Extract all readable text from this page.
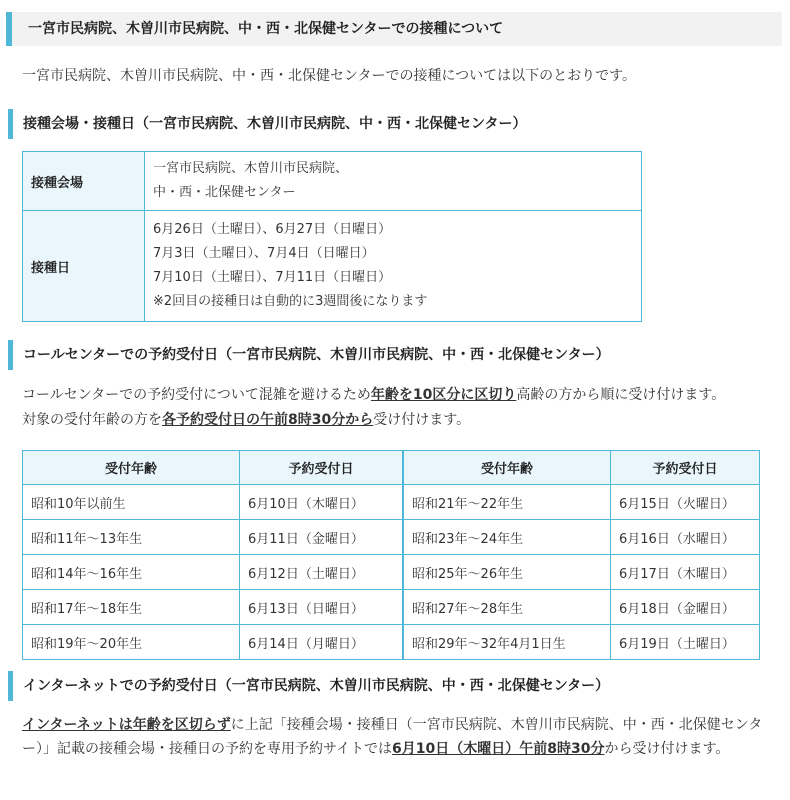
一宮市民病院、木曽川市民病院、中・西・北保健センターでの接種について
一宮市民病院、木曽川市民病院、中・西・北保健センターでの接種については以下のとおりです。
接種会場・接種日（一宮市民病院、木曽川市民病院、中・西・北保健センター）
接種会場	一宮市民病院、木曽川市民病院、
中・西・北保健センター

接種日	6月26日（土曜日）、6月27日（日曜日）
7月3日（土曜日）、7月4日（日曜日）
7月10日（土曜日）、7月11日（日曜日）
※2回目の接種日は自動的に3週間後になります
コールセンターでの予約受付日（一宮市民病院、木曽川市民病院、中・西・北保健センター）
コールセンターでの予約受付について混雑を避けるため年齢を10区分に区切り高齢の方から順に受け付けます。
対象の受付年齢の方を各予約受付日の午前8時30分から受け付けます。
受付年齢	予約受付日	受付年齢	予約受付日
昭和10年以前生	6月10日（木曜日）	昭和21年～22年生	6月15日（火曜日）
昭和11年～13年生	6月11日（金曜日）	昭和23年～24年生	6月16日（水曜日）
昭和14年～16年生	6月12日（土曜日）	昭和25年～26年生	6月17日（木曜日）
昭和17年～18年生	6月13日（日曜日）	昭和27年～28年生	6月18日（金曜日）
昭和19年～20年生	6月14日（月曜日）	昭和29年～32年4月1日生	6月19日（土曜日）
インターネットでの予約受付日（一宮市民病院、木曽川市民病院、中・西・北保健センター）
インターネットは年齢を区切らずに上記「接種会場・接種日（一宮市民病院、木曽川市民病院、中・西・北保健センター）」記載の接種会場・接種日の予約を専用予約サイトでは6月10日（木曜日）午前8時30分から受け付けます。
